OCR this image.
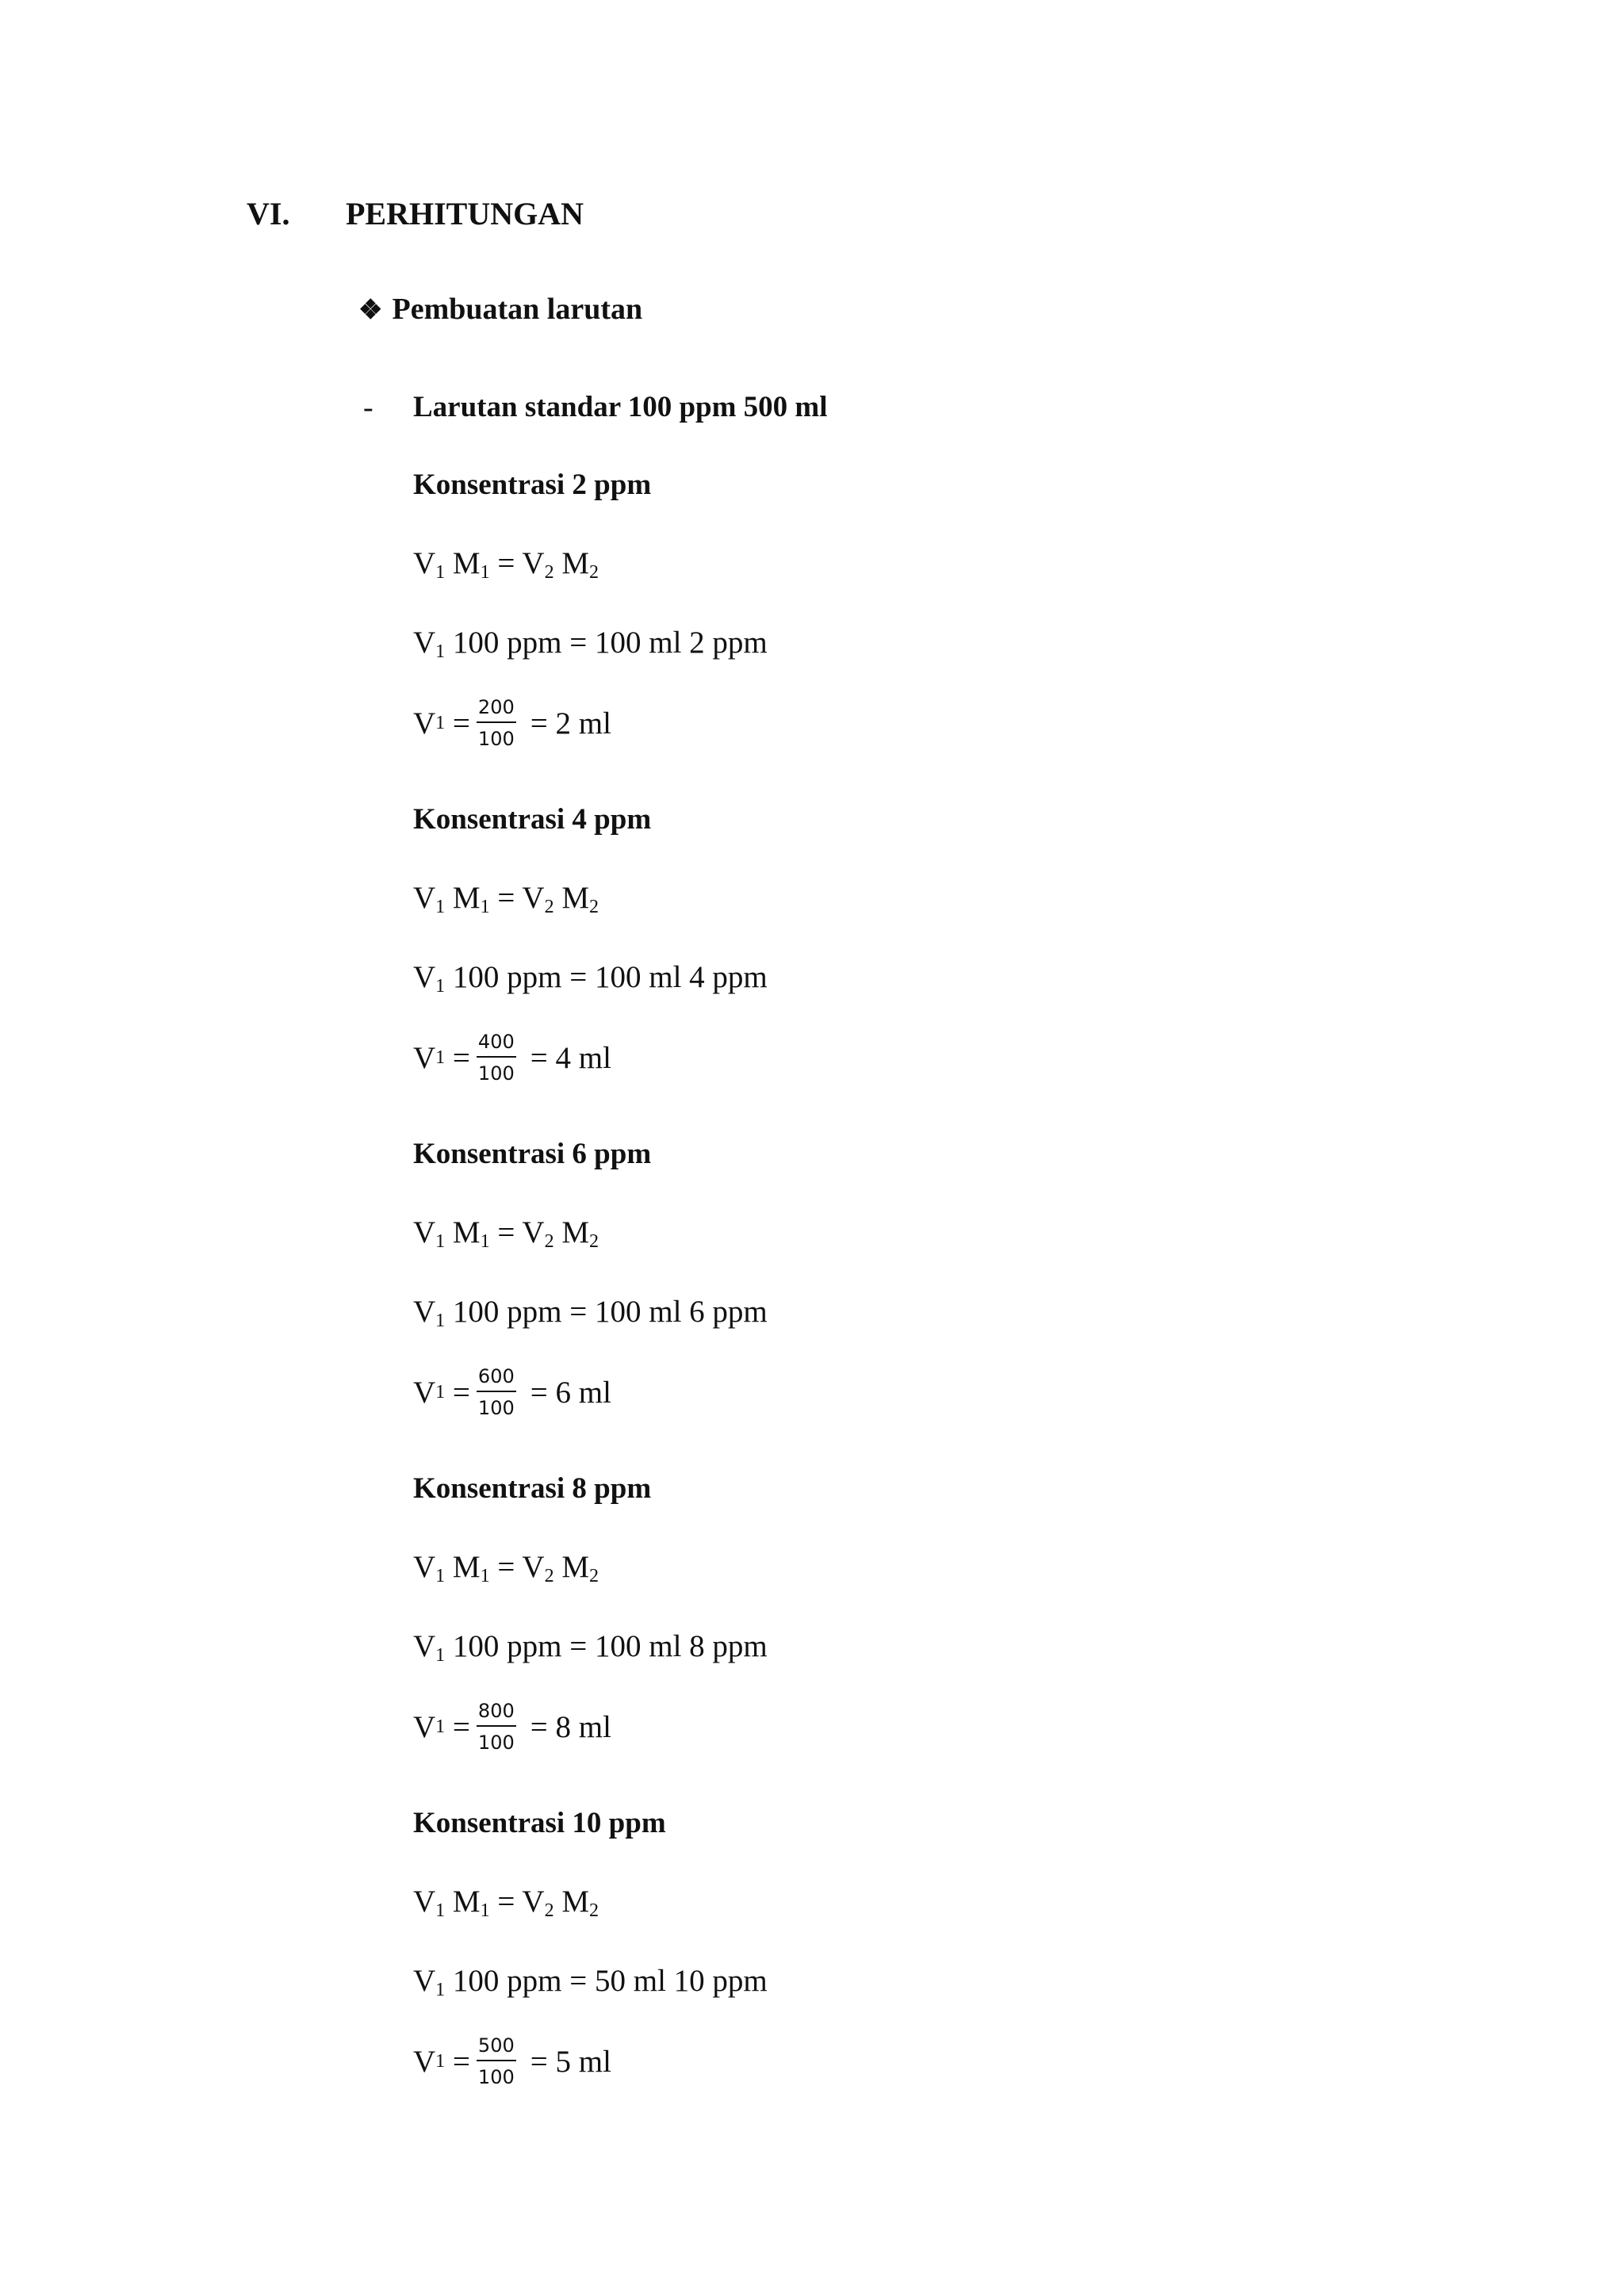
VI. PERHITUNGAN
❖ Pembuatan larutan
- Larutan standar 100 ppm 500 ml
Konsentrasi 2 ppm
$V_1$ $M_1 = V_2$ $M_2$
$V_1$ 100 ppm = 100 ml 2 ppm
V 1
= $\frac{200}{100} = 2$ ml
Konsentrasi 4 ppm
$V_1$ $M_1 = V_2$ $M_2$
$V_1$ 100 ppm = 100 ml 4 ppm
V 1
= $\frac{400}{100} = 4$ ml
Konsentrasi 6 ppm
$V_1$ $M_1 = V_2$ $M_2$
$V_1$ 100 ppm = 100 ml 6 ppm
V 1
= $\frac{600}{100} = 6$ ml
Konsentrasi 8 ppm
$V_1$ $M_1 = V_2$ $M_2$
$V_1$ 100 ppm = 100 ml 8 ppm
V 1
= $\frac{800}{100} = 8$ ml
Konsentrasi 10 ppm
$V_1$ $M_1 = V_2$ $M_2$
$V_1$ 100 ppm = 50 ml 10 ppm
V 1
= $\frac{500}{100} = 5$ ml
